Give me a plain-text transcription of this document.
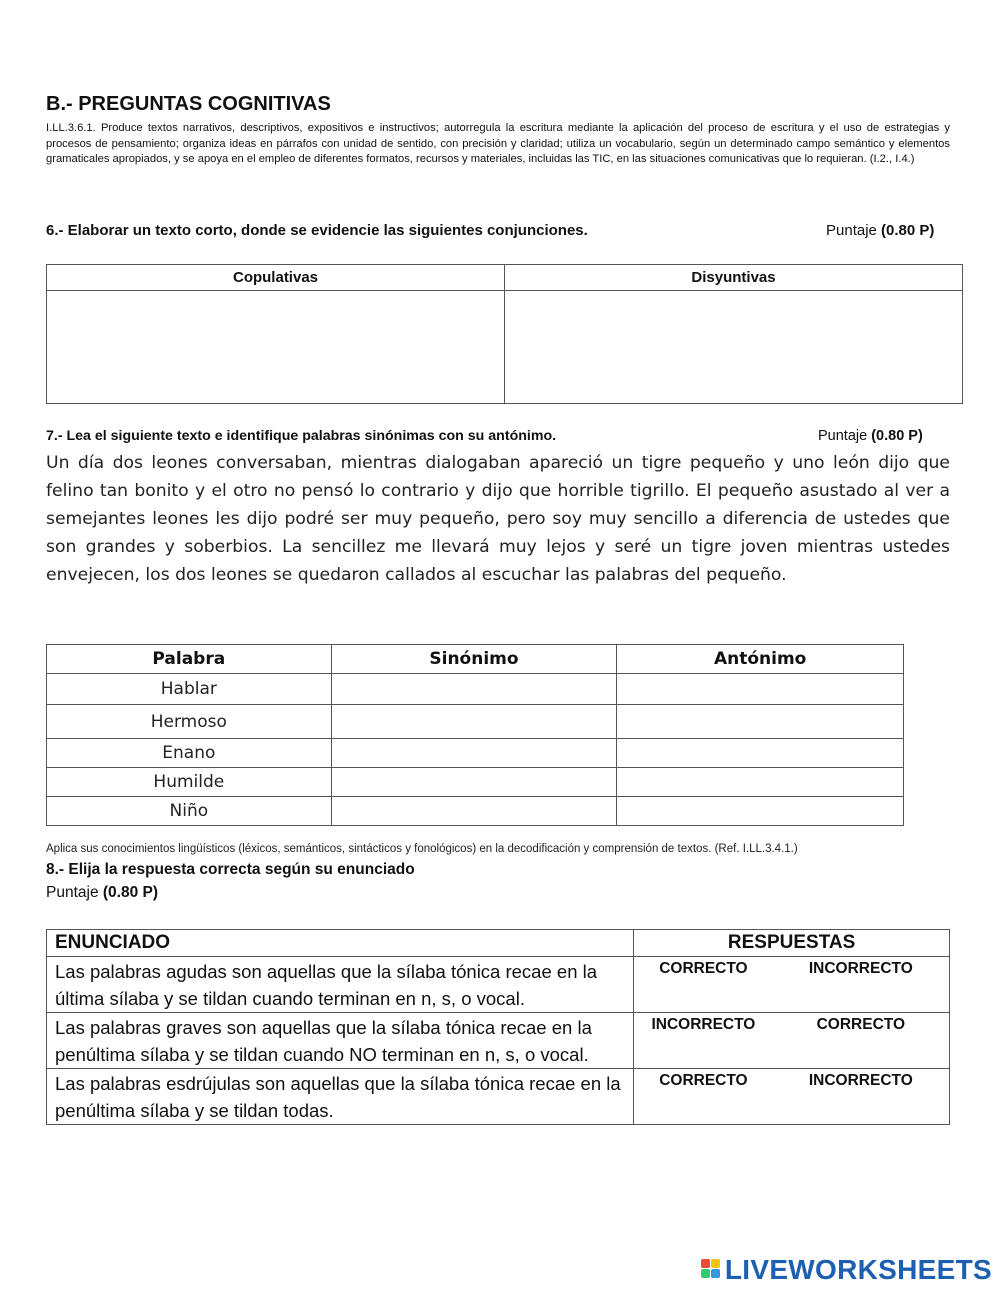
B.- PREGUNTAS COGNITIVAS
I.LL.3.6.1. Produce textos narrativos, descriptivos, expositivos e instructivos; autorregula la escritura mediante la aplicación del proceso de escritura y el uso de estrategias y procesos de pensamiento; organiza ideas en párrafos con unidad de sentido, con precisión y claridad; utiliza un vocabulario, según un determinado campo semántico y elementos gramaticales apropiados, y se apoya en el empleo de diferentes formatos, recursos y materiales, incluidas las TIC, en las situaciones comunicativas que lo requieran. (I.2., I.4.)
6.- Elaborar un texto corto, donde se evidencie las siguientes conjunciones.	Puntaje (0.80 P)
Copulativas	Disyuntivas

7.- Lea el siguiente texto e identifique palabras sinónimas con su antónimo.	Puntaje (0.80 P)
Un día dos leones conversaban, mientras dialogaban apareció un tigre pequeño y uno león dijo que felino tan bonito y el otro no pensó lo contrario y dijo que horrible tigrillo. El pequeño asustado al ver a semejantes leones les dijo podré ser muy pequeño, pero soy muy sencillo a diferencia de ustedes que son grandes y soberbios. La sencillez me llevará muy lejos y seré un tigre joven mientras ustedes envejecen, los dos leones se quedaron callados al escuchar las palabras del pequeño.
Palabra	Sinónimo	Antónimo
Hablar		
Hermoso		
Enano		
Humilde		
Niño		
Aplica sus conocimientos lingüísticos (léxicos, semánticos, sintácticos y fonológicos) en la decodificación y comprensión de textos. (Ref. I.LL.3.4.1.)
8.- Elija la respuesta correcta según su enunciado
Puntaje (0.80 P)
ENUNCIADO	RESPUESTAS	
Las palabras agudas son aquellas que la sílaba tónica recae en la última sílaba y se tildan cuando terminan en n, s, o vocal.	CORRECTO	INCORRECTO
Las palabras graves son aquellas que la sílaba tónica recae en la penúltima sílaba y se tildan cuando NO terminan en n, s, o vocal.	INCORRECTO	CORRECTO
Las palabras esdrújulas son aquellas que la sílaba tónica recae en la penúltima sílaba y se tildan todas.	CORRECTO	INCORRECTO
LIVEWORKSHEETS
